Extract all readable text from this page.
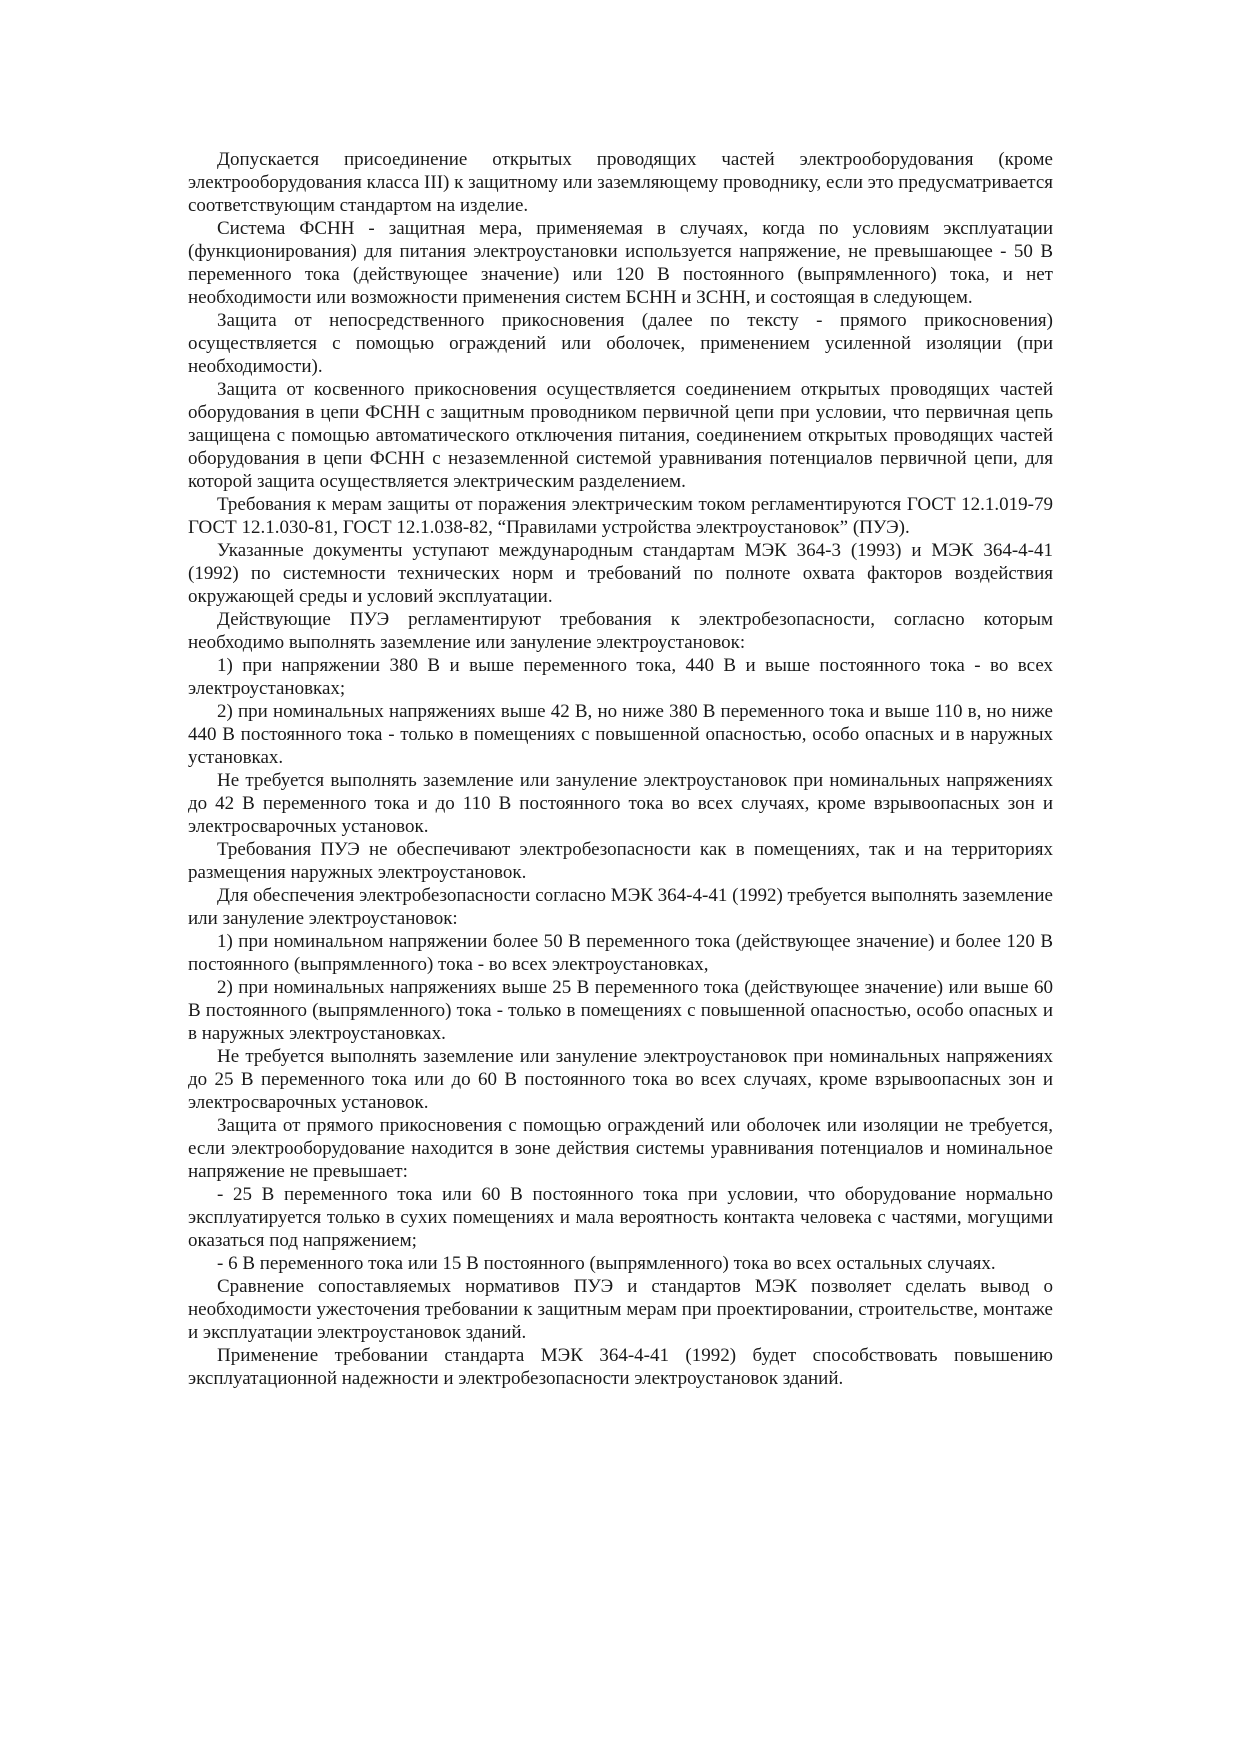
Допускается присоединение открытых проводящих частей электрооборудования (кроме электрооборудования класса III) к защитному или заземляющему проводнику, если это предусматривается соответствующим стандартом на изделие.

Система ФСНН - защитная мера, применяемая в случаях, когда по условиям эксплуатации (функционирования) для питания электроустановки используется напряжение, не превышающее - 50 В переменного тока (действующее значение) или 120 В постоянного (выпрямленного) тока, и нет необходимости или возможности применения систем БСНН и ЗСНН, и состоящая в следующем.

Защита от непосредственного прикосновения (далее по тексту - прямого прикосновения) осуществляется с помощью ограждений или оболочек, применением усиленной изоляции (при необходимости).

Защита от косвенного прикосновения осуществляется соединением открытых проводящих частей оборудования в цепи ФСНН с защитным проводником первичной цепи при условии, что первичная цепь защищена с помощью автоматического отключения питания, соединением открытых проводящих частей оборудования в цепи ФСНН с незаземленной системой уравнивания потенциалов первичной цепи, для которой защита осуществляется электрическим разделением.

Требования к мерам защиты от поражения электрическим током регламентируются ГОСТ 12.1.019-79 ГОСТ 12.1.030-81, ГОСТ 12.1.038-82, “Правилами устройства электроустановок” (ПУЭ).

Указанные документы уступают международным стандартам МЭК 364-3 (1993) и МЭК 364-4-41 (1992) по системности технических норм и требований по полноте охвата факторов воздействия окружающей среды и условий эксплуатации.

Действующие ПУЭ регламентируют требования к электробезопасности, согласно которым необходимо выполнять заземление или зануление электроустановок:

1) при напряжении 380 В и выше переменного тока, 440 В и выше постоянного тока - во всех электроустановках;

2) при номинальных напряжениях выше 42 В, но ниже 380 В переменного тока и выше 110 в, но ниже 440 В постоянного тока - только в помещениях с повышенной опасностью, особо опасных и в наружных установках.

Не требуется выполнять заземление или зануление электроустановок при номинальных напряжениях до 42 В переменного тока и до 110 В постоянного тока во всех случаях, кроме взрывоопасных зон и электросварочных установок.

Требования ПУЭ не обеспечивают электробезопасности как в помещениях, так и на территориях размещения наружных электроустановок.

Для обеспечения электробезопасности согласно МЭК 364-4-41 (1992) требуется выполнять заземление или зануление электроустановок:

1) при номинальном напряжении более 50 В переменного тока (действующее значение) и более 120 В постоянного (выпрямленного) тока - во всех электроустановках,

2) при номинальных напряжениях выше 25 В переменного тока (действующее значение) или выше 60 В постоянного (выпрямленного) тока - только в помещениях с повышенной опасностью, особо опасных и в наружных электроустановках.

Не требуется выполнять заземление или зануление электроустановок при номинальных напряжениях до 25 В переменного тока или до 60 В постоянного тока во всех случаях, кроме взрывоопасных зон и электросварочных установок.

Защита от прямого прикосновения с помощью ограждений или оболочек или изоляции не требуется, если электрооборудование находится в зоне действия системы уравнивания потенциалов и номинальное напряжение не превышает:

- 25 В переменного тока или 60 В постоянного тока при условии, что оборудование нормально эксплуатируется только в сухих помещениях и мала вероятность контакта человека с частями, могущими оказаться под напряжением;

- 6 В переменного тока или 15 В постоянного (выпрямленного) тока во всех остальных случаях.

Сравнение сопоставляемых нормативов ПУЭ и стандартов МЭК позволяет сделать вывод о необходимости ужесточения требовании к защитным мерам при проектировании, строительстве, монтаже и эксплуатации электроустановок зданий.

Применение требовании стандарта МЭК 364-4-41 (1992) будет способствовать повышению эксплуатационной надежности и электробезопасности электроустановок зданий.
